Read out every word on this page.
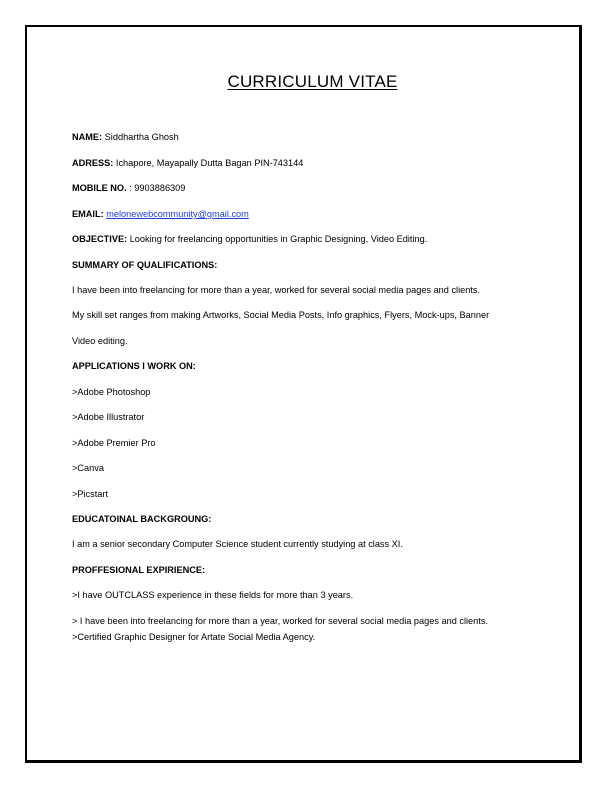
CURRICULUM VITAE

NAME: Siddhartha Ghosh

ADRESS: Ichapore, Mayapally Dutta Bagan PIN-743144

MOBILE NO. : 9903886309

EMAIL: melonewebcommunity@gmail.com

OBJECTIVE: Looking for freelancing opportunities in Graphic Designing, Video Editing.

SUMMARY OF QUALIFICATIONS:

I have been into freelancing for more than a year, worked for several social media pages and clients.

My skill set ranges from making Artworks, Social Media Posts, Info graphics, Flyers, Mock-ups, Banner

Video editing.

APPLICATIONS I WORK ON:

>Adobe Photoshop

>Adobe Illustrator

>Adobe Premier Pro

>Canva

>Picstart

EDUCATOINAL BACKGROUNG:

I am a senior secondary Computer Science student currently studying at class XI.

PROFFESIONAL EXPIRIENCE:

>I have OUTCLASS experience in these fields for more than 3 years.

> I have been into freelancing for more than a year, worked for several social media pages and clients.

>Certified Graphic Designer for Artate Social Media Agency.
